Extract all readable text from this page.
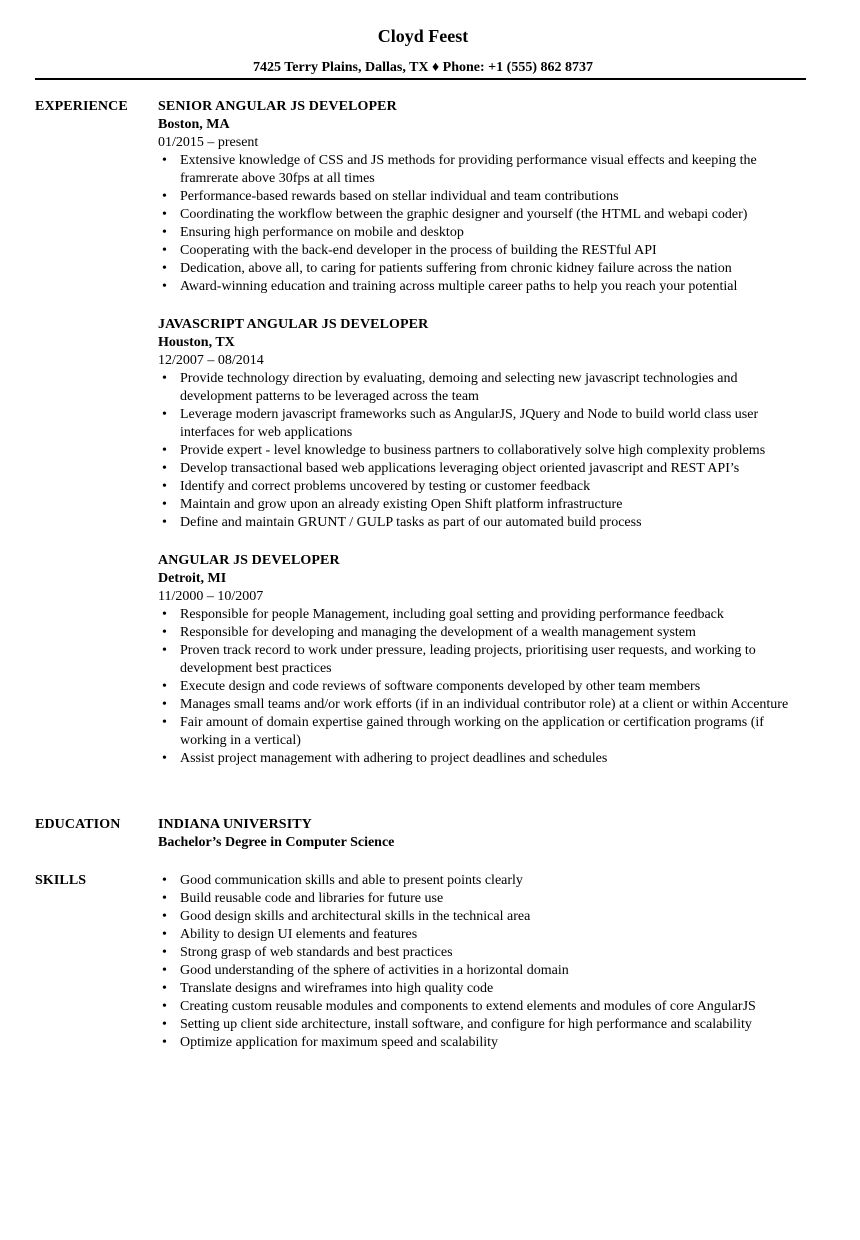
Cloyd Feest
7425 Terry Plains, Dallas, TX ♦ Phone: +1 (555) 862 8737
EXPERIENCE SENIOR ANGULAR JS DEVELOPER
Boston, MA
01/2015 – present
• Extensive knowledge of CSS and JS methods for providing performance visual effects and keeping the framrerate above 30fps at all times
• Performance-based rewards based on stellar individual and team contributions
• Coordinating the workflow between the graphic designer and yourself (the HTML and webapi coder)
• Ensuring high performance on mobile and desktop
• Cooperating with the back-end developer in the process of building the RESTful API
• Dedication, above all, to caring for patients suffering from chronic kidney failure across the nation
• Award-winning education and training across multiple career paths to help you reach your potential
JAVASCRIPT ANGULAR JS DEVELOPER
Houston, TX
12/2007 – 08/2014
• Provide technology direction by evaluating, demoing and selecting new javascript technologies and development patterns to be leveraged across the team
• Leverage modern javascript frameworks such as AngularJS, JQuery and Node to build world class user interfaces for web applications
• Provide expert - level knowledge to business partners to collaboratively solve high complexity problems
• Develop transactional based web applications leveraging object oriented javascript and REST API’s
• Identify and correct problems uncovered by testing or customer feedback
• Maintain and grow upon an already existing Open Shift platform infrastructure
• Define and maintain GRUNT / GULP tasks as part of our automated build process
ANGULAR JS DEVELOPER
Detroit, MI
11/2000 – 10/2007
• Responsible for people Management, including goal setting and providing performance feedback
• Responsible for developing and managing the development of a wealth management system
• Proven track record to work under pressure, leading projects, prioritising user requests, and working to development best practices
• Execute design and code reviews of software components developed by other team members
• Manages small teams and/or work efforts (if in an individual contributor role) at a client or within Accenture
• Fair amount of domain expertise gained through working on the application or certification programs (if working in a vertical)
• Assist project management with adhering to project deadlines and schedules
EDUCATION	INDIANA UNIVERSITY
Bachelor’s Degree in Computer Science
SKILLS	• Good communication skills and able to present points clearly
• Build reusable code and libraries for future use
• Good design skills and architectural skills in the technical area
• Ability to design UI elements and features
• Strong grasp of web standards and best practices
• Good understanding of the sphere of activities in a horizontal domain
• Translate designs and wireframes into high quality code
• Creating custom reusable modules and components to extend elements and modules of core AngularJS
• Setting up client side architecture, install software, and configure for high performance and scalability
• Optimize application for maximum speed and scalability
